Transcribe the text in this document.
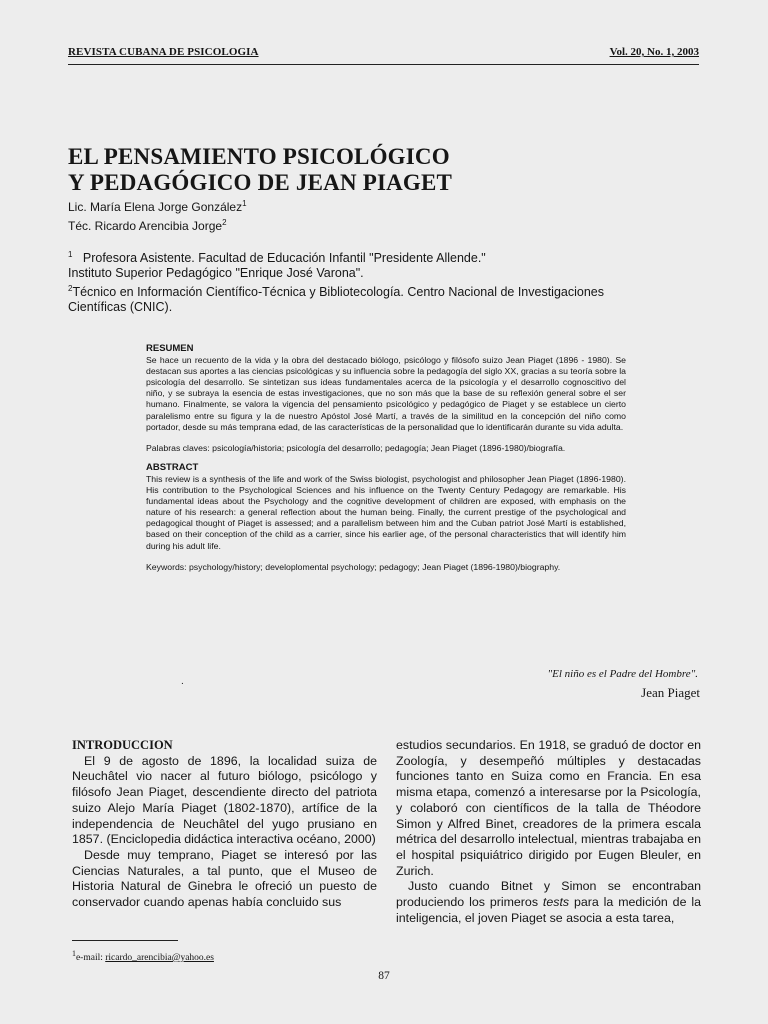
REVISTA CUBANA DE PSICOLOGIA	Vol. 20, No. 1, 2003
EL PENSAMIENTO PSICOLÓGICO
Y PEDAGÓGICO DE JEAN PIAGET
Lic. María Elena Jorge González$^1$
Téc. Ricardo Arencibia Jorge$^2$

$^1$ Profesora Asistente. Facultad de Educación Infantil "Presidente Allende."

Instituto Superior Pedagógico "Enrique José Varona".

$^2$Técnico en Información Científico-Técnica y Bibliotecología. Centro Nacional de Investigaciones Científicas (CNIC).

RESUMEN

Se hace un recuento de la vida y la obra del destacado biólogo, psicólogo y filósofo suizo Jean Piaget (1896 - 1980). Se destacan sus aportes a las ciencias psicológicas y su influencia sobre la pedagogía del siglo XX, gracias a su teoría sobre la psicología del desarrollo. Se sintetizan sus ideas fundamentales acerca de la psicología y el desarrollo cognoscitivo del niño, y se subraya la esencia de estas investigaciones, que no son más que la base de su reflexión general sobre el ser humano. Finalmente, se valora la vigencia del pensamiento psicológico y pedagógico de Piaget y se establece un cierto paralelismo entre su figura y la de nuestro Apóstol José Martí, a través de la similitud en la concepción del niño como portador, desde su más temprana edad, de las características de la personalidad que lo identificarán durante su vida adulta.

Palabras claves: psicología/historia; psicología del desarrollo; pedagogía; Jean Piaget (1896-1980)/biografía.

ABSTRACT

This review is a synthesis of the life and work of the Swiss biologist, psychologist and philosopher Jean Piaget (1896-1980). His contribution to the Psychological Sciences and his influence on the Twenty Century Pedagogy are remarkable. His fundamental ideas about the Psychology and the cognitive development of children are exposed, with emphasis on the nature of his research: a general reflection about the human being. Finally, the current prestige of the psychological and pedagogical thought of Piaget is assessed; and a parallelism between him and the Cuban patriot José Martí is established, based on their conception of the child as a carrier, since his earlier age, of the personal characteristics that will identify him during his adult life.

Keywords: psychology/history; developlomental psychology; pedagogy; Jean Piaget (1896-1980)/biography.

.
"El niño es el Padre del Hombre".
Jean Piaget

INTRODUCCION

El 9 de agosto de 1896, la localidad suiza de Neuchâtel vio nacer al futuro biólogo, psicólogo y filósofo Jean Piaget, descendiente directo del patriota suizo Alejo María Piaget (1802-1870), artífice de la independencia de Neuchâtel del yugo prusiano en 1857. (Enciclopedia didáctica interactiva océano, 2000)

Desde muy temprano, Piaget se interesó por las Ciencias Naturales, a tal punto, que el Museo de Historia Natural de Ginebra le ofreció un puesto de conservador cuando apenas había concluido sus

estudios secundarios. En 1918, se graduó de doctor en Zoología, y desempeñó múltiples y destacadas funciones tanto en Suiza como en Francia. En esa misma etapa, comenzó a interesarse por la Psicología, y colaboró con científicos de la talla de Théodore Simon y Alfred Binet, creadores de la primera escala métrica del desarrollo intelectual, mientras trabajaba en el hospital psiquiátrico dirigido por Eugen Bleuler, en Zurich.

Justo cuando Bitnet y Simon se encontraban produciendo los primeros tests para la medición de la inteligencia, el joven Piaget se asocia a esta tarea,

$^1$e-mail: ricardo_arencibia@yahoo.es
87
